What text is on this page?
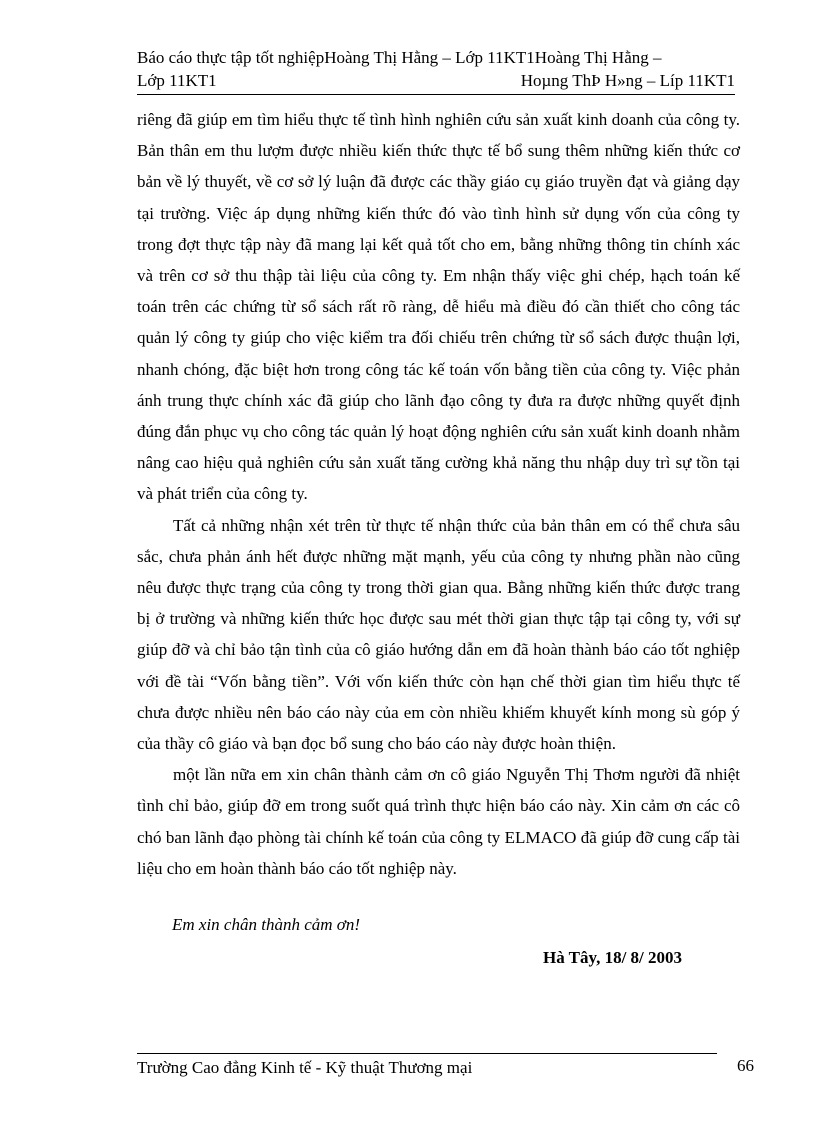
Báo cáo thực tập tốt nghiệpHoàng Thị Hằng – Lớp 11KT1Hoàng Thị Hằng –
Lớp 11KT1	Hoµng ThÞ H»ng – Líp 11KT1

riêng đã giúp em tìm hiểu thực tế tình hình nghiên cứu sản xuất kinh doanh của công ty. Bản thân em thu lượm được nhiều kiến thức thực tế bổ sung thêm những kiến thức cơ bản về lý thuyết, về cơ sở lý luận đã được các thầy giáo cụ giáo truyền đạt và giảng dạy tại trường. Việc áp dụng những kiến thức đó vào tình hình sử dụng vốn của công ty trong đợt thực tập này đã mang lại kết quả tốt cho em, bằng những thông tin chính xác và trên cơ sở thu thập tài liệu của công ty. Em nhận thấy việc ghi chép, hạch toán kế toán trên các chứng từ sổ sách rất rõ ràng, dễ hiểu mà điều đó cần thiết cho công tác quản lý công ty giúp cho việc kiểm tra đối chiếu trên chứng từ sổ sách được thuận lợi, nhanh chóng, đặc biệt hơn trong công tác kế toán vốn bằng tiền của công ty. Việc phản ánh trung thực chính xác đã giúp cho lãnh đạo công ty đưa ra được những quyết định đúng đắn phục vụ cho công tác quản lý hoạt động nghiên cứu sản xuất kinh doanh nhằm nâng cao hiệu quả nghiên cứu sản xuất tăng cường khả năng thu nhập duy trì sự tồn tại và phát triển của công ty.

Tất cả những nhận xét trên từ thực tế nhận thức của bản thân em có thể chưa sâu sắc, chưa phản ánh hết được những mặt mạnh, yếu của công ty nhưng phần nào cũng nêu được thực trạng của công ty trong thời gian qua. Bằng những kiến thức được trang bị ở trường và những kiến thức học được sau mét thời gian thực tập tại công ty, với sự giúp đỡ và chỉ bảo tận tình của cô giáo hướng dẫn em đã hoàn thành báo cáo tốt nghiệp với đề tài “Vốn bằng tiền”. Với vốn kiến thức còn hạn chế thời gian tìm hiểu thực tế chưa được nhiều nên báo cáo này của em còn nhiều khiếm khuyết kính mong sù góp ý của thầy cô giáo và bạn đọc bổ sung cho báo cáo này được hoàn thiện.

một lần nữa em xin chân thành cảm ơn cô giáo Nguyễn Thị Thơm người đã nhiệt tình chỉ bảo, giúp đỡ em trong suốt quá trình thực hiện báo cáo này. Xin cảm ơn các cô chó ban lãnh đạo phòng tài chính kế toán của công ty ELMACO đã giúp đỡ cung cấp tài liệu cho em hoàn thành báo cáo tốt nghiệp này.

Em xin chân thành cảm ơn!
Hà Tây, 18/ 8/ 2003
Trường Cao đẳng Kinh tế - Kỹ thuật Thương mại	66
